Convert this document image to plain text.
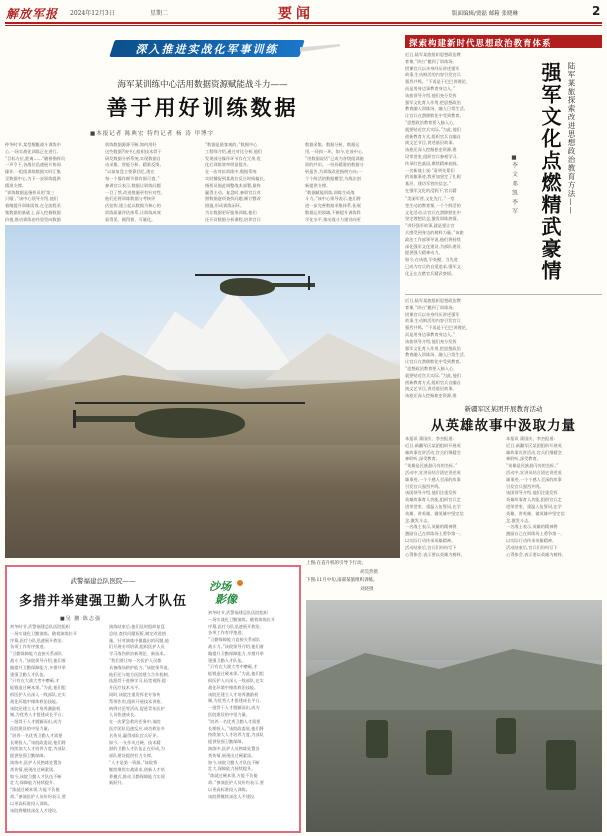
解放军报 2024年12月3日	星期二	要闻	版面编辑/贾磊 邮箱 张晓琳	2
深入推进实战化军事训练
海军某训练中心活用数据资源赋能战斗力——
善于用好训练数据
■本报记者 陈典宏 特约记者 杨 涛 甲博宇
仲冬时节,某型舰艇战斗训练中
心,一场实战化训练正在进行。
“目标方位,距离……”随着指挥员
一声令下,各战位迅速展开协同
操作,一组组训练数据实时汇集
至数据中心,为下一步训练提供
精准支撑。
“训练数据是指挥员的‘第三
只眼’。”该中心领导介绍,他们
着眼提升训练质效,在全流程采
集数据的基础上,深入挖掘数据
价值,推动训练由经验型向数据
训练数据源源不断,如何用好
这些数据?该中心组织技术骨干
研发数据分析系统,实现数据自
动采集、智能分析、精准反馈。
“以前复盘主要靠回忆,现在
每一个操作细节都有据可查。”
参训官兵表示,数据让训练问题
一目了然,改进措施更有针对性。
他们还将训练数据与考核评
估挂钩,建立起以数据为核心的
训练质量评估体系,让训练成效
看得见、摸得着、可量化。
“数据是最客观的。”数据中心
工程师介绍,通过对比分析,他们
发现部分操作环节存在冗余,优
化后训练效率明显提升。
在一次对抗训练中,数据系统
实时捕捉到某战位反应时间偏长,
指挥员据此调整战术部署,最终
赢得主动。复盘时,参训官兵对
照数据逐项查找问题,制订整改
措施,形成训练闭环。
为让数据更好服务训练,他们
还开设数据分析课程,培养官兵
数据采集、数据分析、数据运
用,一环扣一环。如今,在该中心,
“用数据说话”已成为各级组训施
训的共识。一份份精准的数据分
析报告,为训练改进指明方向;一
个个鲜活的数据模型,为战法创
新提供支撑。
“数据赋能训练,训练生成战
斗力。”该中心领导表示,他们将
进一步完善数据采集体系,拓展
数据运用领域,不断提升训练科
学化水平,推动战斗力建设向更
上图:在直升机的引导下行动。
胡昊然摄
下图:11月中旬,南部某旅组织训练。
刘晓摄
探索构建新时代思想政治教育体系
陆军某旅探索改进思想政治教育方法——
强军文化点燃精武豪情
■李 文 邓 凯 李 军
近日,陆军某旅组织思想政治教
育课,“讲台”搬到了训练场。
授课官兵以亲身经历讲述强军
故事,生动鲜活的内容引发官兵
强烈共鸣。“不再是干巴巴讲理论,
而是用身边事教育身边人。”
该旅领导介绍,他们充分发挥
强军文化育人作用,把思想政治
教育融入训练场、融入日常生活,
让官兵在潜移默化中受到教育。
“思想政治教育要入脑入心,
就要贴近官兵实际。”为此,他们
创新教育方式,组织官兵自编自
演文艺节目,讲述基层故事。
该旅还深入挖掘旅史资源,建
设荣誉室,组织官兵参观学习,
传承红色基因,赓续精神血脉。
一名新战士说:“看到先辈们
的英雄事迹,我更加坚定了扎根
基层、建功军营的信念。”
在强军文化的浸润下,官兵精
“美丽军营,文化先行。”一堂
堂生动的教育课,一个个鲜活的
文化活动,让官兵在潜移默化中
坚定理想信念,激发训练热情。
“讲好强军故事,就是要让官
兵感受到身边的榜样力量。”该旅
政治工作部领导说,他们将持续
深化强军文化建设,为部队建设
提供强大精神动力。
如今,在该旅,学英模、当先进
已成为官兵的自觉追求,强军文
化正在点燃官兵精武豪情。
近日,陆军某旅组织思想政治教
育课,“讲台”搬到了训练场。
授课官兵以亲身经历讲述强军
故事,生动鲜活的内容引发官兵
强烈共鸣。“不再是干巴巴讲理论,
而是用身边事教育身边人。”
该旅领导介绍,他们充分发挥
强军文化育人作用,把思想政治
教育融入训练场、融入日常生活,
让官兵在潜移默化中受到教育。
“思想政治教育要入脑入心,
就要贴近官兵实际。”为此,他们
创新教育方式,组织官兵自编自
演文艺节目,讲述基层故事。
该旅还深入挖掘旅史资源,建
新疆军区某团开展教育活动
从英雄故事中汲取力量
本报讯 蒲国庆、李杰报道:
近日,新疆军区某团组织开展英
雄故事宣讲活动,官兵们聚精会
神聆听,深受教育。
“英雄是民族最闪亮的坐标。”
活动中,宣讲员结合团史讲述英
雄事迹,一个个感人至深的故事
引发官兵强烈共鸣。
该团领导介绍,他们注重发挥
英雄故事育人功能,组织官兵走
进荣誉室、重温入伍誓词,在学
英雄、讲英雄、做英雄中坚定信
念,激发斗志。
一名战士表示,英雄的精神将
激励自己在训练场上勇争第一,
以实际行动传承英雄精神。
活动结束后,官兵们纷纷写下
心得体会,表示要以英雄为榜样,
本报讯 蒲国庆、李杰报道:
近日,新疆军区某团组织开展英
雄故事宣讲活动,官兵们聚精会
神聆听,深受教育。
“英雄是民族最闪亮的坐标。”
活动中,宣讲员结合团史讲述英
雄事迹,一个个感人至深的故事
引发官兵强烈共鸣。
该团领导介绍,他们注重发挥
英雄故事育人功能,组织官兵走
进荣誉室、重温入伍誓词,在学
英雄、讲英雄、做英雄中坚定信
念,激发斗志。
一名战士表示,英雄的精神将
激励自己在训练场上勇争第一,
以实际行动传承英雄精神。
活动结束后,官兵们纷纷写下
心得体会,表示要以英雄为榜样,
武警福建总队医院——
多措并举建强卫勤人才队伍
■吴 鹏 陈志强
初冬时节,武警福建总队医院组织
一场实战化卫勤演练。随着演练拉开
序幕,医疗分队迅速展开救治,
各项工作有序推进。
“卫勤保障能力直接关系部队
战斗力。”该院领导介绍,他们着
眼提升卫勤保障能力,多措并举
建强卫勤人才队伍。
“只有在大战大考中磨砺,才
能锻造过硬本领。”为此,他们组
织医护人员深入一线部队,在实
战化环境中锤炼救治技能。
该院还建立人才培养激励机
制,为优秀人才搭建成长平台,
一批骨干人才脱颖而出,成为
医院建设的中坚力量。
“培养一名优秀卫勤人才需要
长期投入。”该院政委说,他们将
持续加大人才培养力度,为部队
提供坚强卫勤保障。
演练中,医护人员熟练处置各
类伤情,展现出过硬素质。
如今,该院卫勤人才队伍不断
壮大,保障能力持续提升。
“练就过硬本领,方能不负使
命。”参演医护人员纷纷表示,要
以更高标准投入训练。
该院将继续深化人才建设,
演练结束后,他们及时组织复盘
总结,查找问题短板,制定改进措
施。针对演练中暴露出的问题,他
们开展专项培训,组织医护人员
学习战伤救治新理论、新技术。
“我们要让每一名医护人员都
具备战场救护能力。”该院领导说,
他们还与地方医院建立合作机制,
选派骨干进修学习,拓宽视野,提
升医疗技术水平。
同时,该院注重发挥老专家传
帮带作用,组织开展技术讲座、
病例讨论等活动,促进青年医护
人员快速成长。
在一次紧急救治任务中,该院
医疗团队迅速反应,成功救治多
名伤员,赢得部队官兵好评。
如今,一支作风过硬、技术精
湛的卫勤人才队伍正在形成,为
部队建设提供有力支撑。
“人才是第一资源。”该院将
继续聚焦实战需求,创新人才培
养模式,推动卫勤保障能力实现
新跃升。
初冬时节,武警福建总队医院组织
一场实战化卫勤演练。随着演练拉开
序幕,医疗分队迅速展开救治,
各项工作有序推进。
“卫勤保障能力直接关系部队
战斗力。”该院领导介绍,他们着
眼提升卫勤保障能力,多措并举
建强卫勤人才队伍。
“只有在大战大考中磨砺,才
能锻造过硬本领。”为此,他们组
织医护人员深入一线部队,在实
战化环境中锤炼救治技能。
该院还建立人才培养激励机
制,为优秀人才搭建成长平台,
一批骨干人才脱颖而出,成为
医院建设的中坚力量。
“培养一名优秀卫勤人才需要
长期投入。”该院政委说,他们将
持续加大人才培养力度,为部队
提供坚强卫勤保障。
演练中,医护人员熟练处置各
类伤情,展现出过硬素质。
如今,该院卫勤人才队伍不断
壮大,保障能力持续提升。
“练就过硬本领,方能不负使
命。”参演医护人员纷纷表示,要
以更高标准投入训练。
该院将继续深化人才建设,
沙场
影像
